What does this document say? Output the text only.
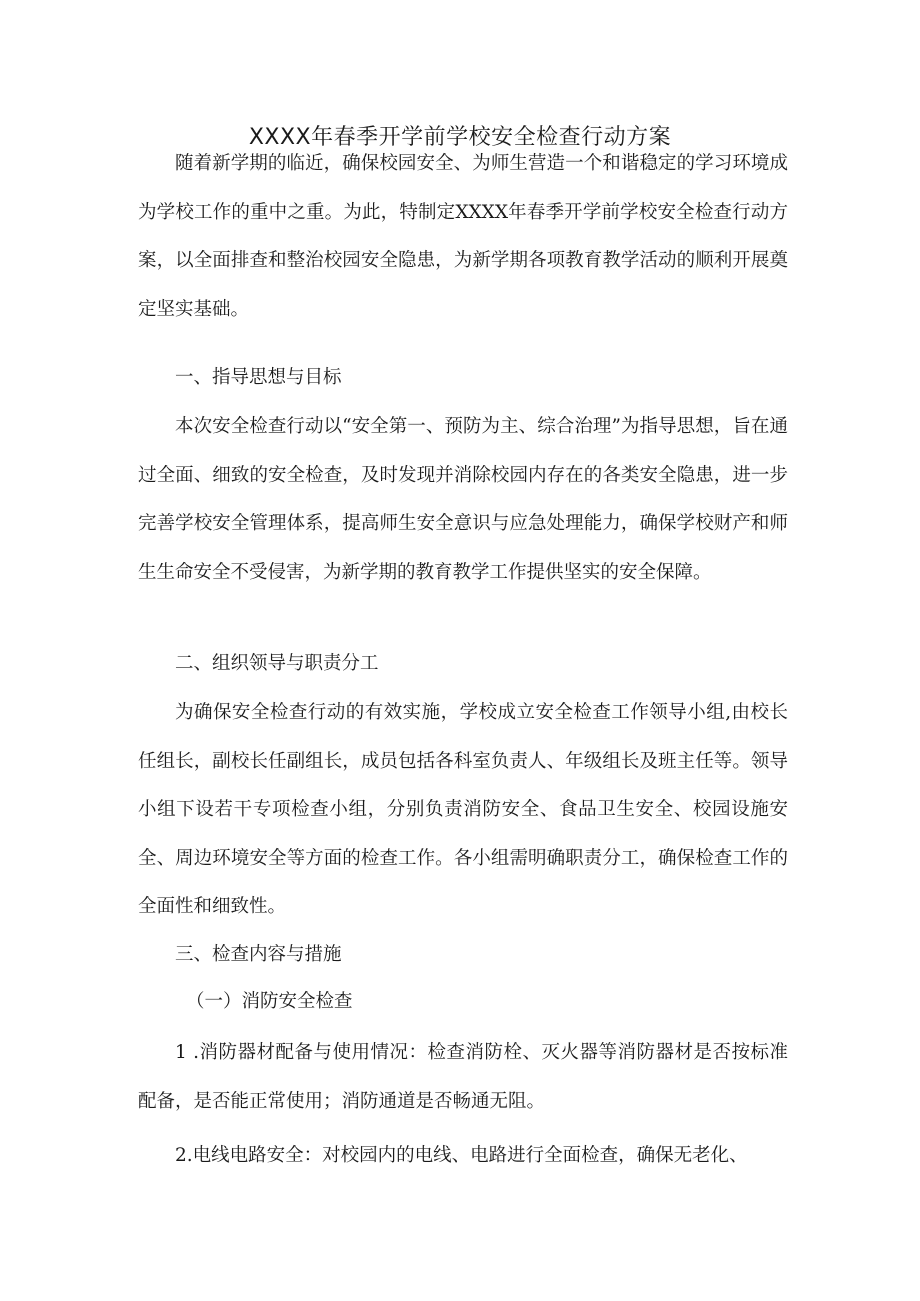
XXXX年春季开学前学校安全检查行动方案
随着新学期的临近，确保校园安全、为师生营造一个和谐稳定的学习环境成为学校工作的重中之重。为此，特制定XXXX年春季开学前学校安全检查行动方案，以全面排查和整治校园安全隐患，为新学期各项教育教学活动的顺利开展奠定坚实基础。
一、指导思想与目标
本次安全检查行动以“安全第一、预防为主、综合治理”为指导思想，旨在通过全面、细致的安全检查，及时发现并消除校园内存在的各类安全隐患，进一步完善学校安全管理体系，提高师生安全意识与应急处理能力，确保学校财产和师生生命安全不受侵害，为新学期的教育教学工作提供坚实的安全保障。
二、组织领导与职责分工
为确保安全检查行动的有效实施，学校成立安全检查工作领导小组,由校长任组长，副校长任副组长，成员包括各科室负责人、年级组长及班主任等。领导小组下设若干专项检查小组，分别负责消防安全、食品卫生安全、校园设施安全、周边环境安全等方面的检查工作。各小组需明确职责分工，确保检查工作的全面性和细致性。
三、检查内容与措施
（一）消防安全检查
1 .消防器材配备与使用情况：检查消防栓、灭火器等消防器材是否按标准配备，是否能正常使用；消防通道是否畅通无阻。
2.电线电路安全：对校园内的电线、电路进行全面检查，确保无老化、
